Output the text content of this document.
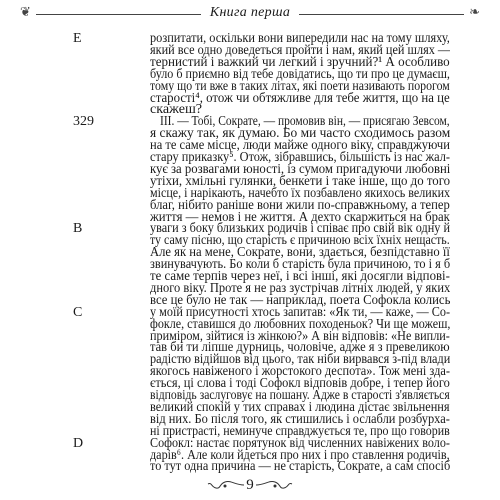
❦	Книга перша	❧
E	розпитати, оскільки вони випередили нас на тому шляху,
який все одно доведеться пройти і нам, який цей шлях —
тернистий і важкий чи легкий і зручний?¹ А особливо
було б приємно від тебе довідатись, що ти про це думаєш,
тому що ти вже в таких літах, які поети називають порогом
старості⁴, отож чи обтяжливе для тебе життя, що на це
скажеш?
329	III. — Тобі, Сократе, — промовив він, — присягаю Зевсом,
я скажу так, як думаю. Бо ми часто сходимось разом
на те саме місце, люди майже одного віку, справджуючи
стару приказку⁵. Отож, зібравшись, більшість із нас жал-
кує за розвагами юності, із сумом пригадуючи любовні
утіхи, хмільні гулянки, бенкети і таке інше, що до того
місце, і нарікають, начебто їх позбавлено якихось великих
благ, нібито раніше вони жили по-справжньому, а тепер
життя — немов і не життя. А дехто скаржиться на брак
B	уваги з боку близьких родичів і співає про свій вік одну й
ту саму пісню, що старість є причиною всіх їхніх нещасть.
Але як на мене, Сократе, вони, здається, безпідставно її
звинувачують. Бо коли б старість була причиною, то і я б
те саме терпів через неї, і всі інші, які досягли відпові-
дного віку. Проте я не раз зустрічав літніх людей, у яких
все це було не так — наприклад, поета Софокла колись
C	у моїй присутності хтось запитав: «Як ти, — каже, — Со-
фокле, ставишся до любовних походеньок? Чи ще можеш,
приміром, зійтися із жінкою?» А він відповів: «Не випли-
тав би ти ліпше дурниць, чоловіче, адже я з превеликою
радістю відійшов від цього, так ніби вирвався з-під влади
якогось навіженого і жорстокого деспота». Тож мені зда-
ється, ці слова і тоді Софокл відповів добре, і тепер його
відповідь заслуговує на пошану. Адже в старості з'являється
великий спокій у тих справах і людина дістає звільнення
від них. Бо після того, як стишились і ослабли розбурха-
ні пристрасті, неминуче справджується те, про що говорив
D	Софокл: настає порятунок від численних навіжених воло-
дарів⁶. Але коли йдеться про них і про ставлення родичів,
то тут одна причина — не старість, Сократе, а сам спосіб
9
